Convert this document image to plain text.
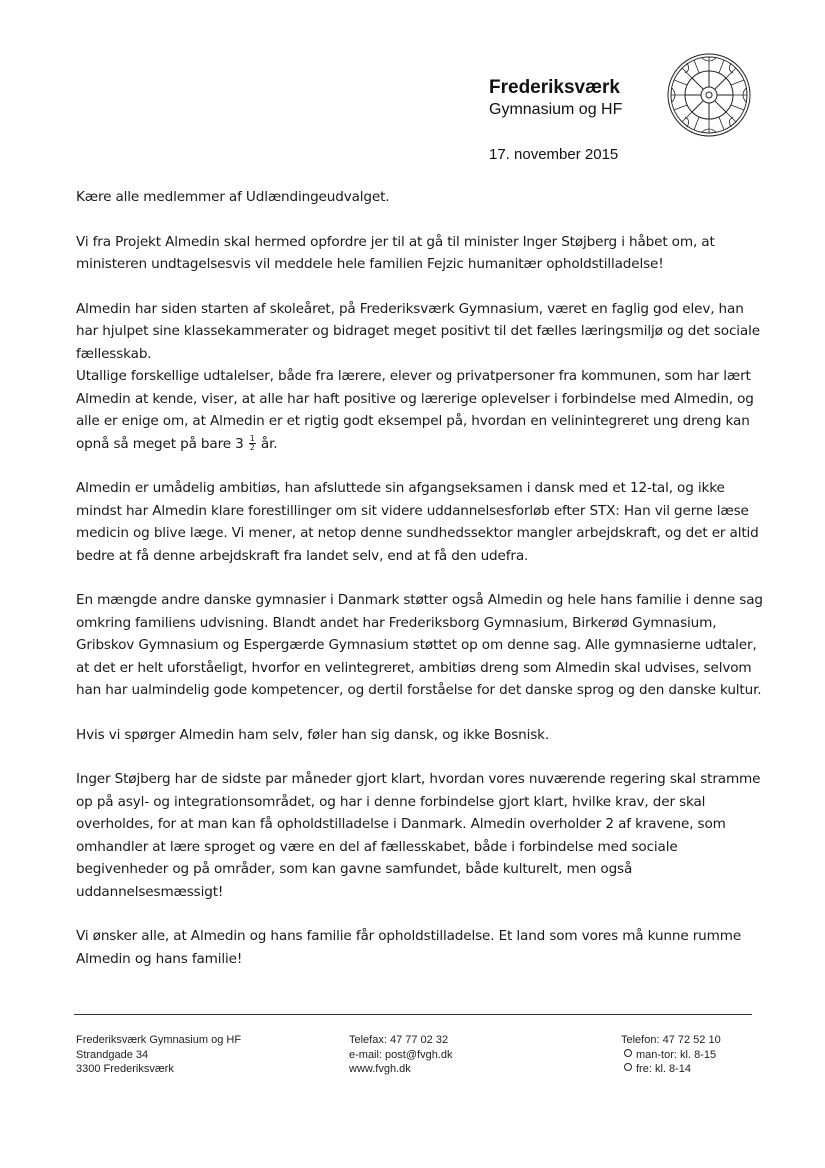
Frederiksværk
Gymnasium og HF
17. november 2015

Kære alle medlemmer af Udlændingeudvalget.

Vi fra Projekt Almedin skal hermed opfordre jer til at gå til minister Inger Støjberg i håbet om, at ministeren undtagelsesvis vil meddele hele familien Fejzic humanitær opholdstilladelse!

Almedin har siden starten af skoleåret, på Frederiksværk Gymnasium, været en faglig god elev, han har hjulpet sine klassekammerater og bidraget meget positivt til det fælles læringsmiljø og det sociale fællesskab.

Utallige forskellige udtalelser, både fra lærere, elever og privatpersoner fra kommunen, som har lært Almedin at kende, viser, at alle har haft positive og lærerige oplevelser i forbindelse med Almedin, og alle er enige om, at Almedin er et rigtig godt eksempel på, hvordan en velinintegreret ung dreng kan opnå så meget på bare $3 \frac{1}{2}$ år.

Almedin er umådelig ambitiøs, han afsluttede sin afgangseksamen i dansk med et 12-tal, og ikke mindst har Almedin klare forestillinger om sit videre uddannelsesforløb efter STX: Han vil gerne læse medicin og blive læge. Vi mener, at netop denne sundhedssektor mangler arbejdskraft, og det er altid bedre at få denne arbejdskraft fra landet selv, end at få den udefra.

En mængde andre danske gymnasier i Danmark støtter også Almedin og hele hans familie i denne sag omkring familiens udvisning. Blandt andet har Frederiksborg Gymnasium, Birkerød Gymnasium, Gribskov Gymnasium og Espergærde Gymnasium støttet op om denne sag. Alle gymnasierne udtaler, at det er helt uforståeligt, hvorfor en velintegreret, ambitiøs dreng som Almedin skal udvises, selvom han har ualmindelig gode kompetencer, og dertil forståelse for det danske sprog og den danske kultur.

Hvis vi spørger Almedin ham selv, føler han sig dansk, og ikke Bosnisk.

Inger Støjberg har de sidste par måneder gjort klart, hvordan vores nuværende regering skal stramme op på asyl- og integrationsområdet, og har i denne forbindelse gjort klart, hvilke krav, der skal overholdes, for at man kan få opholdstilladelse i Danmark. Almedin overholder 2 af kravene, som omhandler at lære sproget og være en del af fællesskabet, både i forbindelse med sociale begivenheder og på områder, som kan gavne samfundet, både kulturelt, men også uddannelsesmæssigt!

Vi ønsker alle, at Almedin og hans familie får opholdstilladelse. Et land som vores må kunne rumme Almedin og hans familie!

Frederiksværk Gymnasium og HF
Strandgade 34
3300 Frederiksværk
Telefax: 47 77 02 32
e-mail: post@fvgh.dk
www.fvgh.dk
Telefon: 47 72 52 10
man-tor: kl. 8-15
fre: kl. 8-14
